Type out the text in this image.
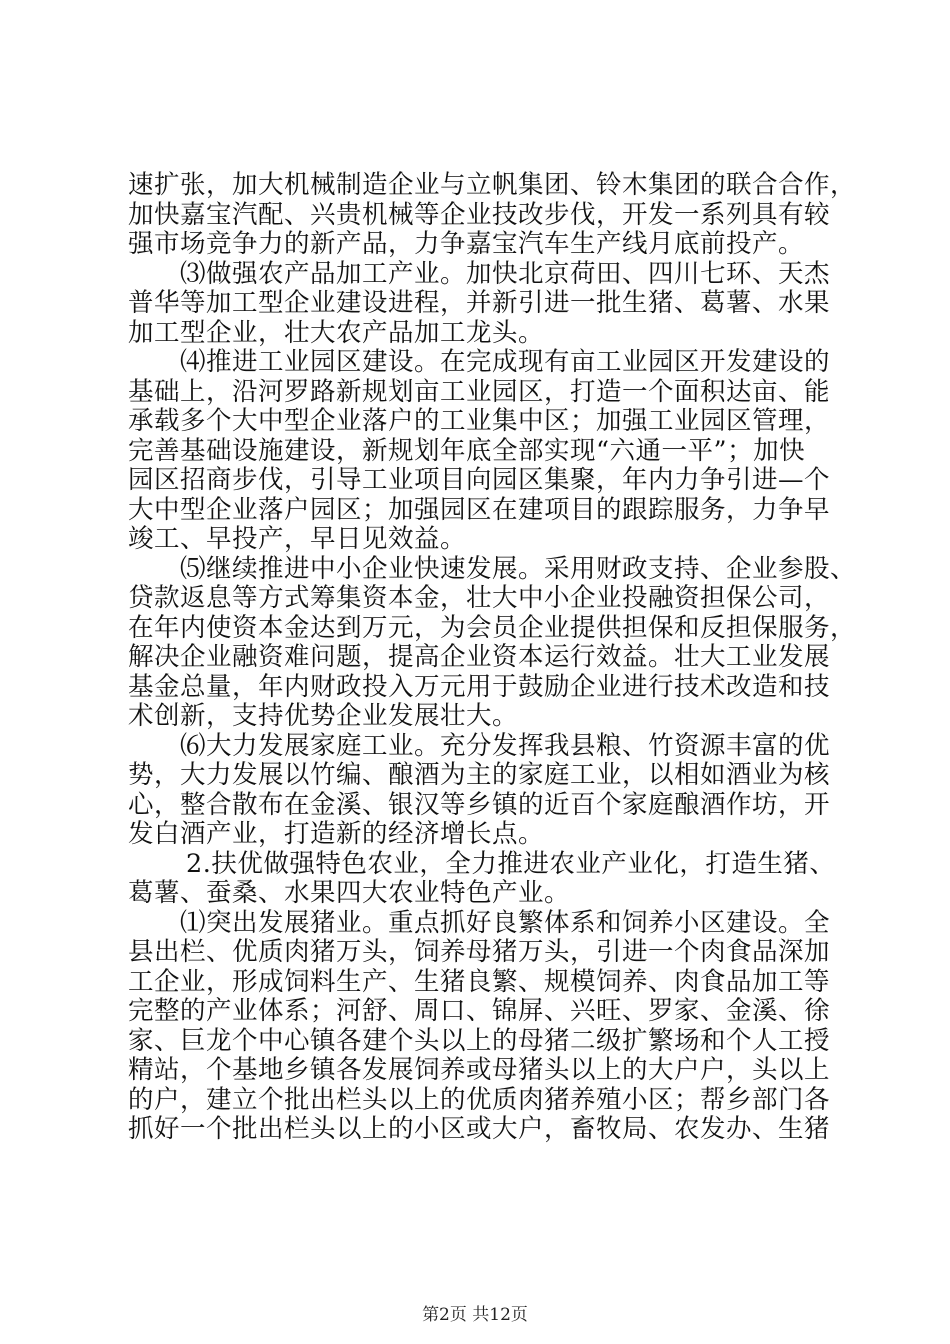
速扩张，加大机械制造企业与立帆集团、铃木集团的联合合作，
加快嘉宝汽配、兴贵机械等企业技改步伐，开发一系列具有较
强市场竞争力的新产品，力争嘉宝汽车生产线月底前投产。
⑶做强农产品加工产业。加快北京荷田、四川七环、天杰
普华等加工型企业建设进程，并新引进一批生猪、葛薯、水果
加工型企业，壮大农产品加工龙头。
⑷推进工业园区建设。在完成现有亩工业园区开发建设的
基础上，沿河罗路新规划亩工业园区，打造一个面积达亩、能
承载多个大中型企业落户的工业集中区；加强工业园区管理，
完善基础设施建设，新规划年底全部实现“六通一平”；加快
园区招商步伐，引导工业项目向园区集聚，年内力争引进—个
大中型企业落户园区；加强园区在建项目的跟踪服务，力争早
竣工、早投产，早日见效益。
⑸继续推进中小企业快速发展。采用财政支持、企业参股、
贷款返息等方式筹集资本金，壮大中小企业投融资担保公司，
在年内使资本金达到万元，为会员企业提供担保和反担保服务，
解决企业融资难问题，提高企业资本运行效益。壮大工业发展
基金总量，年内财政投入万元用于鼓励企业进行技术改造和技
术创新，支持优势企业发展壮大。
⑹大力发展家庭工业。充分发挥我县粮、竹资源丰富的优
势，大力发展以竹编、酿酒为主的家庭工业，以相如酒业为核
心，整合散布在金溪、银汉等乡镇的近百个家庭酿酒作坊，开
发白酒产业，打造新的经济增长点。
2.扶优做强特色农业，全力推进农业产业化，打造生猪、
葛薯、蚕桑、水果四大农业特色产业。
⑴突出发展猪业。重点抓好良繁体系和饲养小区建设。全
县出栏、优质肉猪万头，饲养母猪万头，引进一个肉食品深加
工企业，形成饲料生产、生猪良繁、规模饲养、肉食品加工等
完整的产业体系；河舒、周口、锦屏、兴旺、罗家、金溪、徐
家、巨龙个中心镇各建个头以上的母猪二级扩繁场和个人工授
精站，个基地乡镇各发展饲养或母猪头以上的大户户，头以上
的户，建立个批出栏头以上的优质肉猪养殖小区；帮乡部门各
抓好一个批出栏头以上的小区或大户，畜牧局、农发办、生猪
第2页 共12页
